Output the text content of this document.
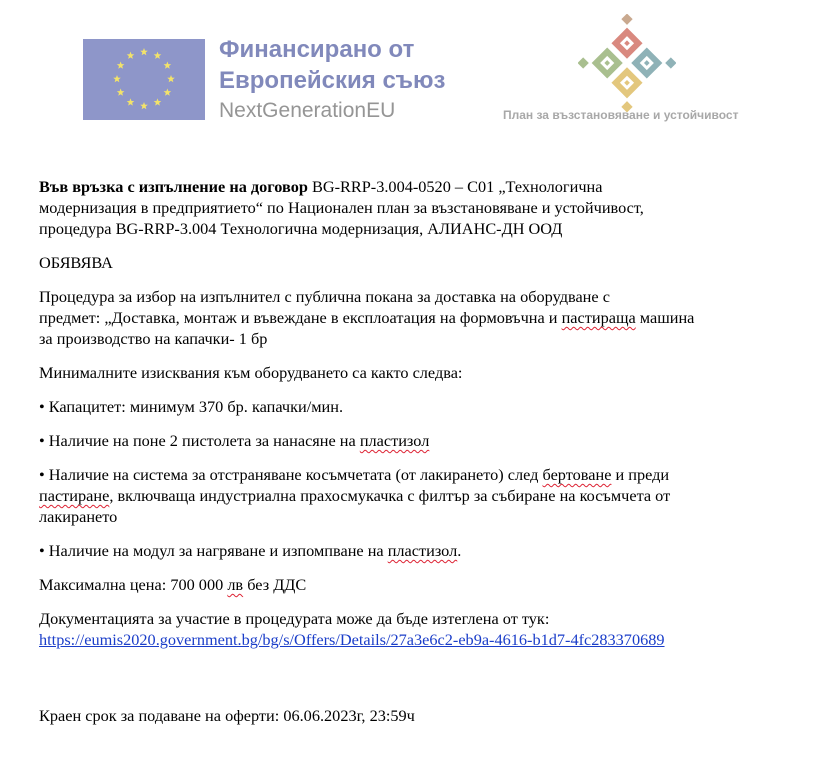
Финансирано от
Европейския съюз
NextGenerationEU	План за възстановяване и устойчивост

Във връзка с изпълнение на договор BG-RRP-3.004-0520 – C01 „Технологична
модернизация в предприятието“ по Национален план за възстановяване и устойчивост,
процедура BG-RRP-3.004 Технологична модернизация, АЛИАНС-ДН ООД

ОБЯВЯВА

Процедура за избор на изпълнител с публична покана за доставка на оборудване с
предмет: „Доставка, монтаж и въвеждане в експлоатация на формовъчна и пастираща машина
за производство на капачки- 1 бр

Минималните изисквания към оборудването са както следва:

• Капацитет: минимум 370 бр. капачки/мин.

• Наличие на поне 2 пистолета за нанасяне на пластизол

• Наличие на система за отстраняване косъмчетата (от лакирането) след бертоване и преди
пастиране, включваща индустриална прахосмукачка с филтър за събиране на косъмчета от
лакирането

• Наличие на модул за нагряване и изпомпване на пластизол.

Максимална цена: 700 000 лв без ДДС

Документацията за участие в процедурата може да бъде изтеглена от тук:
https://eumis2020.government.bg/bg/s/Offers/Details/27a3e6c2-eb9a-4616-b1d7-4fc283370689

Краен срок за подаване на оферти: 06.06.2023г, 23:59ч
